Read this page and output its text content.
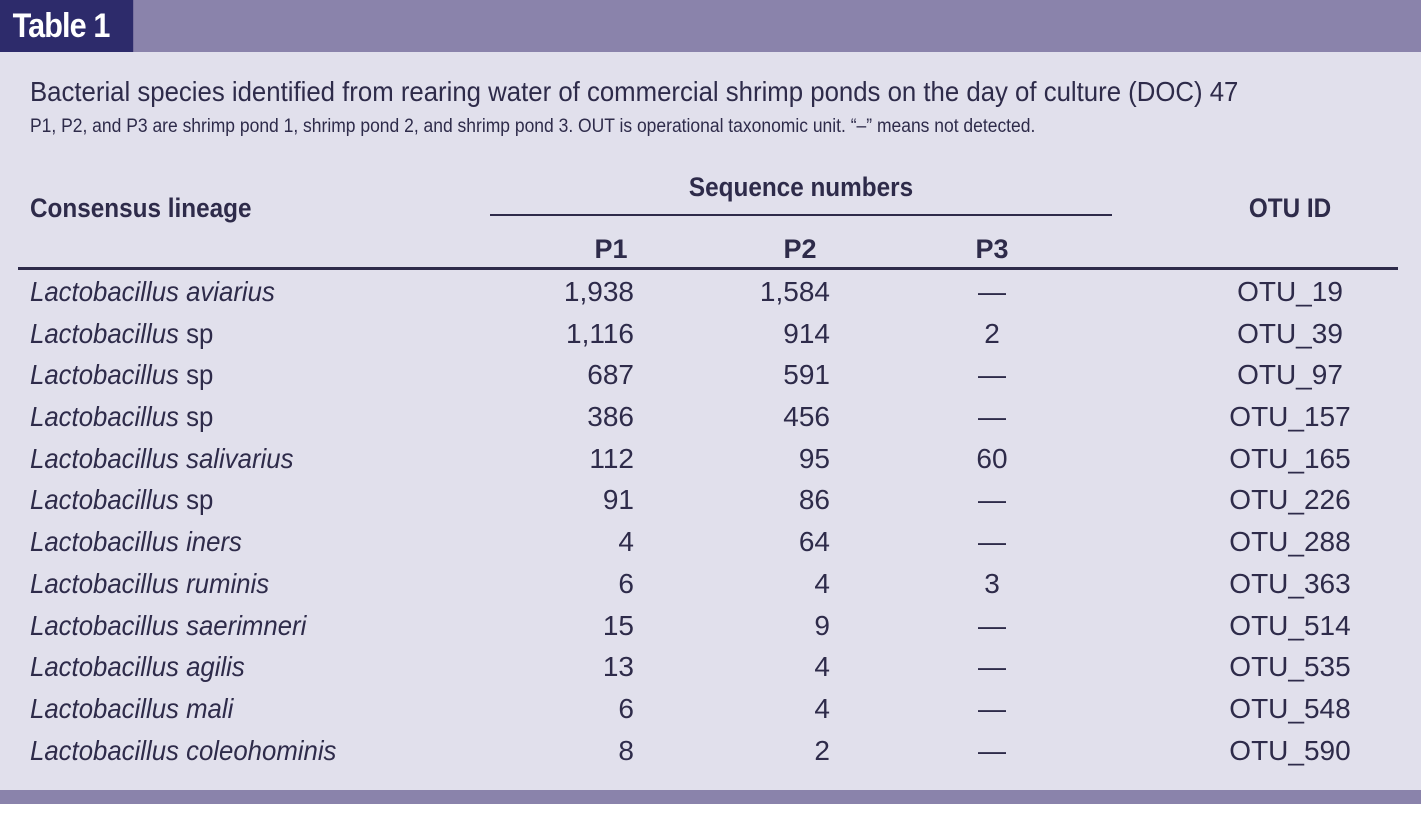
Table 1
Bacterial species identified from rearing water of commercial shrimp ponds on the day of culture (DOC) 47
P1, P2, and P3 are shrimp pond 1, shrimp pond 2, and shrimp pond 3. OUT is operational taxonomic unit. “–” means not detected.
Consensus lineage
Sequence numbers
OTU ID
P1	P2	P3
Lactobacillus aviarius	1,938	1,584	—	OTU_19
Lactobacillus sp	1,116	914	2	OTU_39
Lactobacillus sp	687	591	—	OTU_97
Lactobacillus sp	386	456	—	OTU_157
Lactobacillus salivarius	112	95	60	OTU_165
Lactobacillus sp	91	86	—	OTU_226
Lactobacillus iners	4	64	—	OTU_288
Lactobacillus ruminis	6	4	3	OTU_363
Lactobacillus saerimneri	15	9	—	OTU_514
Lactobacillus agilis	13	4	—	OTU_535
Lactobacillus mali	6	4	—	OTU_548
Lactobacillus coleohominis	8	2	—	OTU_590
